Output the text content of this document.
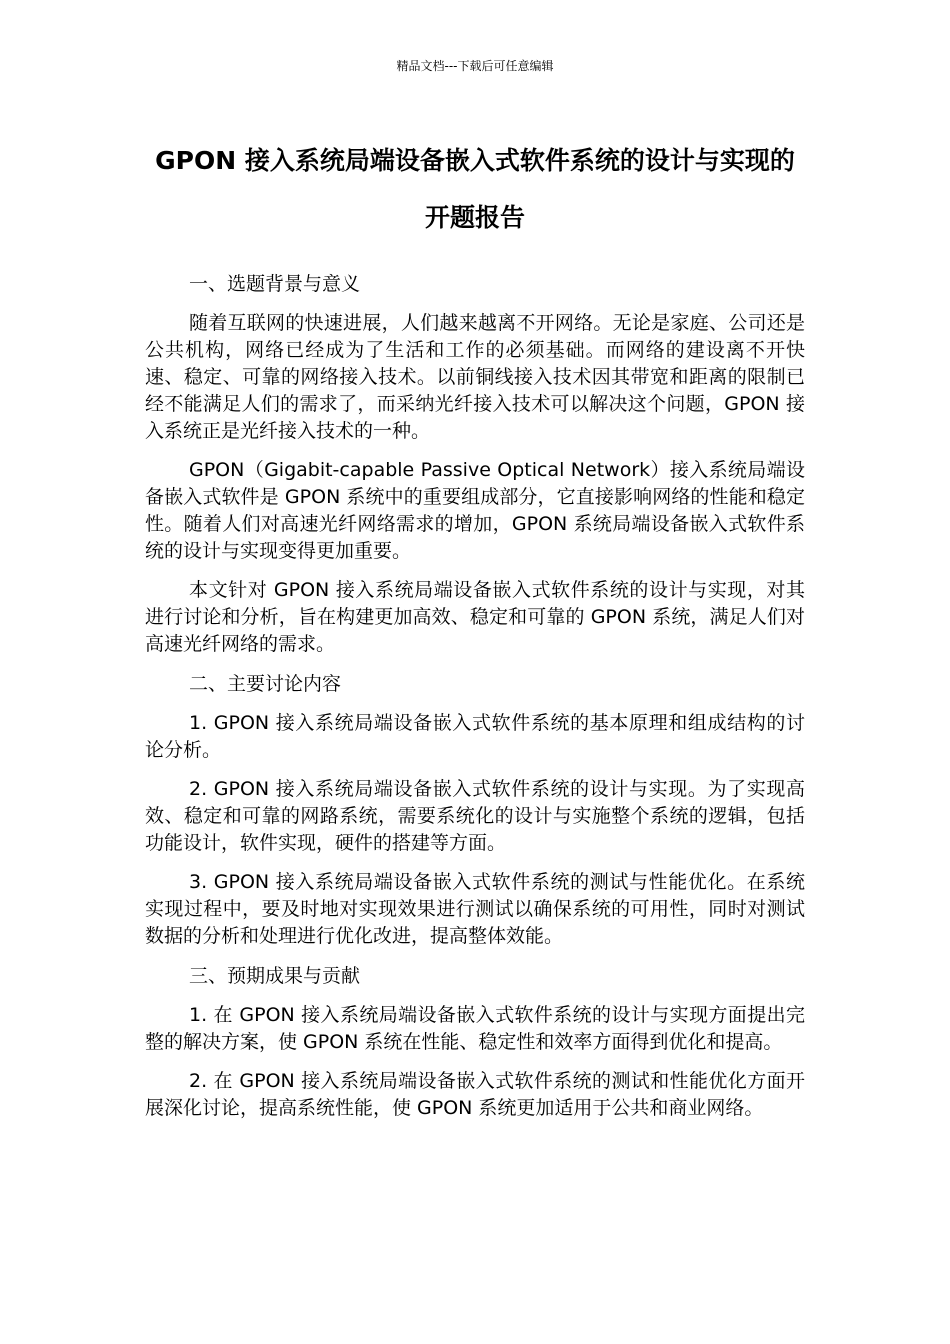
精品文档---下载后可任意编辑
GPON 接入系统局端设备嵌入式软件系统的设计与实现的开题报告

一、选题背景与意义

随着互联网的快速进展，人们越来越离不开网络。无论是家庭、公司还是公共机构，网络已经成为了生活和工作的必须基础。而网络的建设离不开快速、稳定、可靠的网络接入技术。以前铜线接入技术因其带宽和距离的限制已经不能满足人们的需求了，而采纳光纤接入技术可以解决这个问题，GPON 接入系统正是光纤接入技术的一种。

GPON（Gigabit-capable Passive Optical Network）接入系统局端设备嵌入式软件是 GPON 系统中的重要组成部分，它直接影响网络的性能和稳定性。随着人们对高速光纤网络需求的增加，GPON 系统局端设备嵌入式软件系统的设计与实现变得更加重要。

本文针对 GPON 接入系统局端设备嵌入式软件系统的设计与实现，对其进行讨论和分析，旨在构建更加高效、稳定和可靠的 GPON 系统，满足人们对高速光纤网络的需求。

二、主要讨论内容

1. GPON 接入系统局端设备嵌入式软件系统的基本原理和组成结构的讨论分析。

2. GPON 接入系统局端设备嵌入式软件系统的设计与实现。为了实现高效、稳定和可靠的网路系统，需要系统化的设计与实施整个系统的逻辑，包括功能设计，软件实现，硬件的搭建等方面。

3. GPON 接入系统局端设备嵌入式软件系统的测试与性能优化。在系统实现过程中，要及时地对实现效果进行测试以确保系统的可用性，同时对测试数据的分析和处理进行优化改进，提高整体效能。

三、预期成果与贡献

1. 在 GPON 接入系统局端设备嵌入式软件系统的设计与实现方面提出完整的解决方案，使 GPON 系统在性能、稳定性和效率方面得到优化和提高。

2. 在 GPON 接入系统局端设备嵌入式软件系统的测试和性能优化方面开展深化讨论，提高系统性能，使 GPON 系统更加适用于公共和商业网络。
